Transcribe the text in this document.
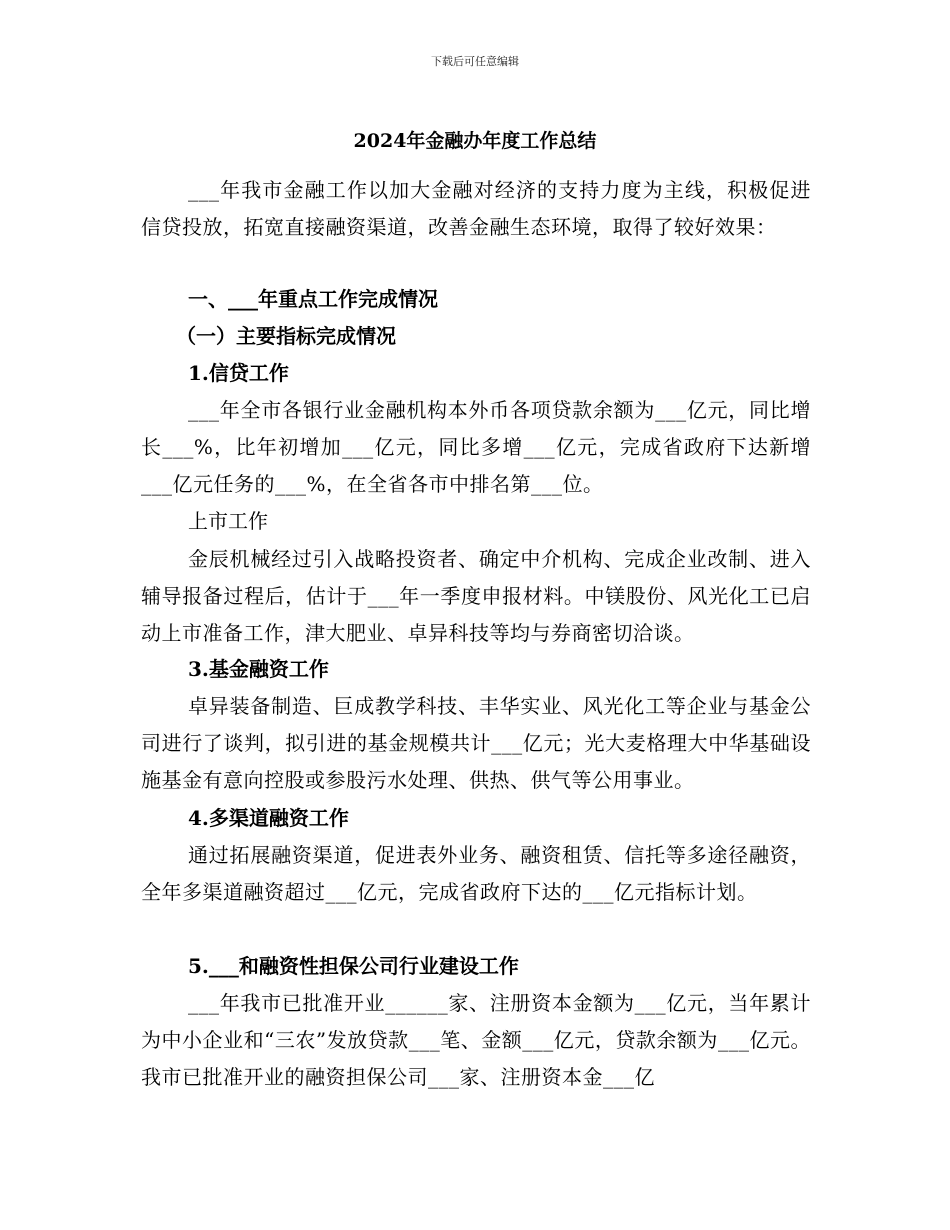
下载后可任意编辑
2024年金融办年度工作总结

___年我市金融工作以加大金融对经济的支持力度为主线，积极促进信贷投放，拓宽直接融资渠道，改善金融生态环境，取得了较好效果：

一、___年重点工作完成情况
（一）主要指标完成情况
1.信贷工作

___年全市各银行业金融机构本外币各项贷款余额为___亿元，同比增长___%，比年初增加___亿元，同比多增___亿元，完成省政府下达新增___亿元任务的___%，在全省各市中排名第___位。

上市工作

金辰机械经过引入战略投资者、确定中介机构、完成企业改制、进入辅导报备过程后，估计于___年一季度申报材料。中镁股份、风光化工已启动上市准备工作，津大肥业、卓异科技等均与券商密切洽谈。

3.基金融资工作

卓异装备制造、巨成教学科技、丰华实业、风光化工等企业与基金公司进行了谈判，拟引进的基金规模共计___亿元；光大麦格理大中华基础设施基金有意向控股或参股污水处理、供热、供气等公用事业。

4.多渠道融资工作

通过拓展融资渠道，促进表外业务、融资租赁、信托等多途径融资，全年多渠道融资超过___亿元，完成省政府下达的___亿元指标计划。

5.___和融资性担保公司行业建设工作

___年我市已批准开业______家、注册资本金额为___亿元，当年累计为中小企业和“三农”发放贷款___笔、金额___亿元，贷款余额为___亿元。我市已批准开业的融资担保公司___家、注册资本金___亿
